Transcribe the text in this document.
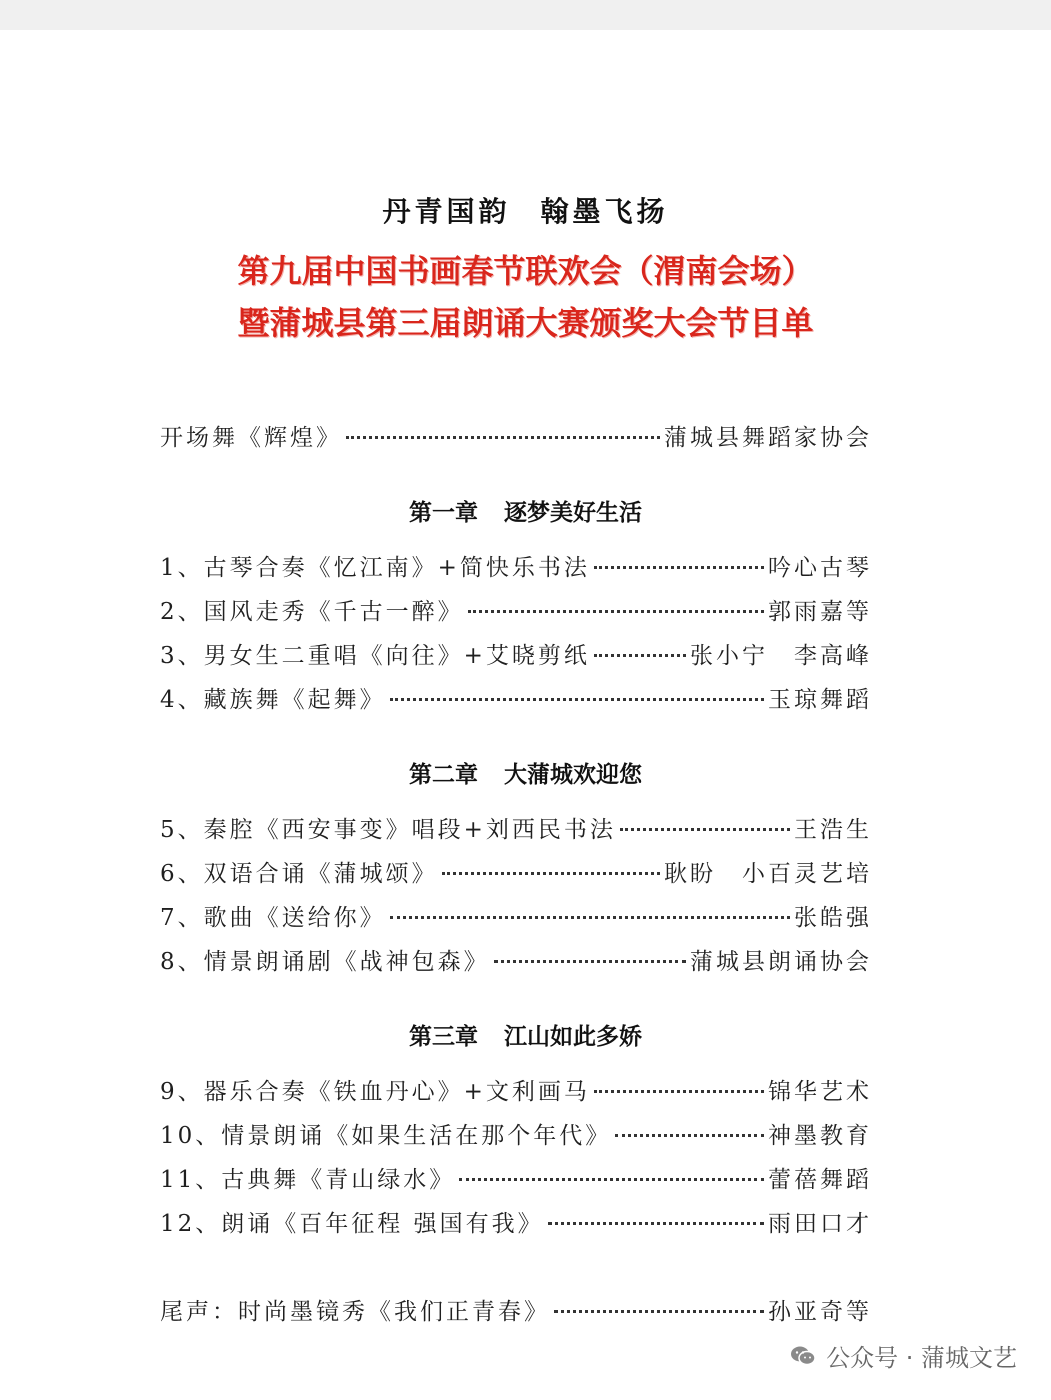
丹青国韵 翰墨飞扬
第九届中国书画春节联欢会（渭南会场）
暨蒲城县第三届朗诵大赛颁奖大会节目单
开场舞《辉煌》	蒲城县舞蹈家协会
第一章 逐梦美好生活
1、古琴合奏《忆江南》+简快乐书法	吟心古琴
2、国风走秀《千古一醉》	郭雨嘉等
3、男女生二重唱《向往》+艾晓剪纸	张小宁　李高峰
4、藏族舞《起舞》	玉琼舞蹈
第二章 大蒲城欢迎您
5、秦腔《西安事变》唱段+刘西民书法	王浩生
6、双语合诵《蒲城颂》	耿盼　小百灵艺培
7、歌曲《送给你》	张皓强
8、情景朗诵剧《战神包森》	蒲城县朗诵协会
第三章 江山如此多娇
9、器乐合奏《铁血丹心》+文利画马	锦华艺术
10、情景朗诵《如果生活在那个年代》	神墨教育
11、古典舞《青山绿水》	蕾蓓舞蹈
12、朗诵《百年征程 强国有我》	雨田口才
尾声：时尚墨镜秀《我们正青春》	孙亚奇等
公众号 · 蒲城文艺
